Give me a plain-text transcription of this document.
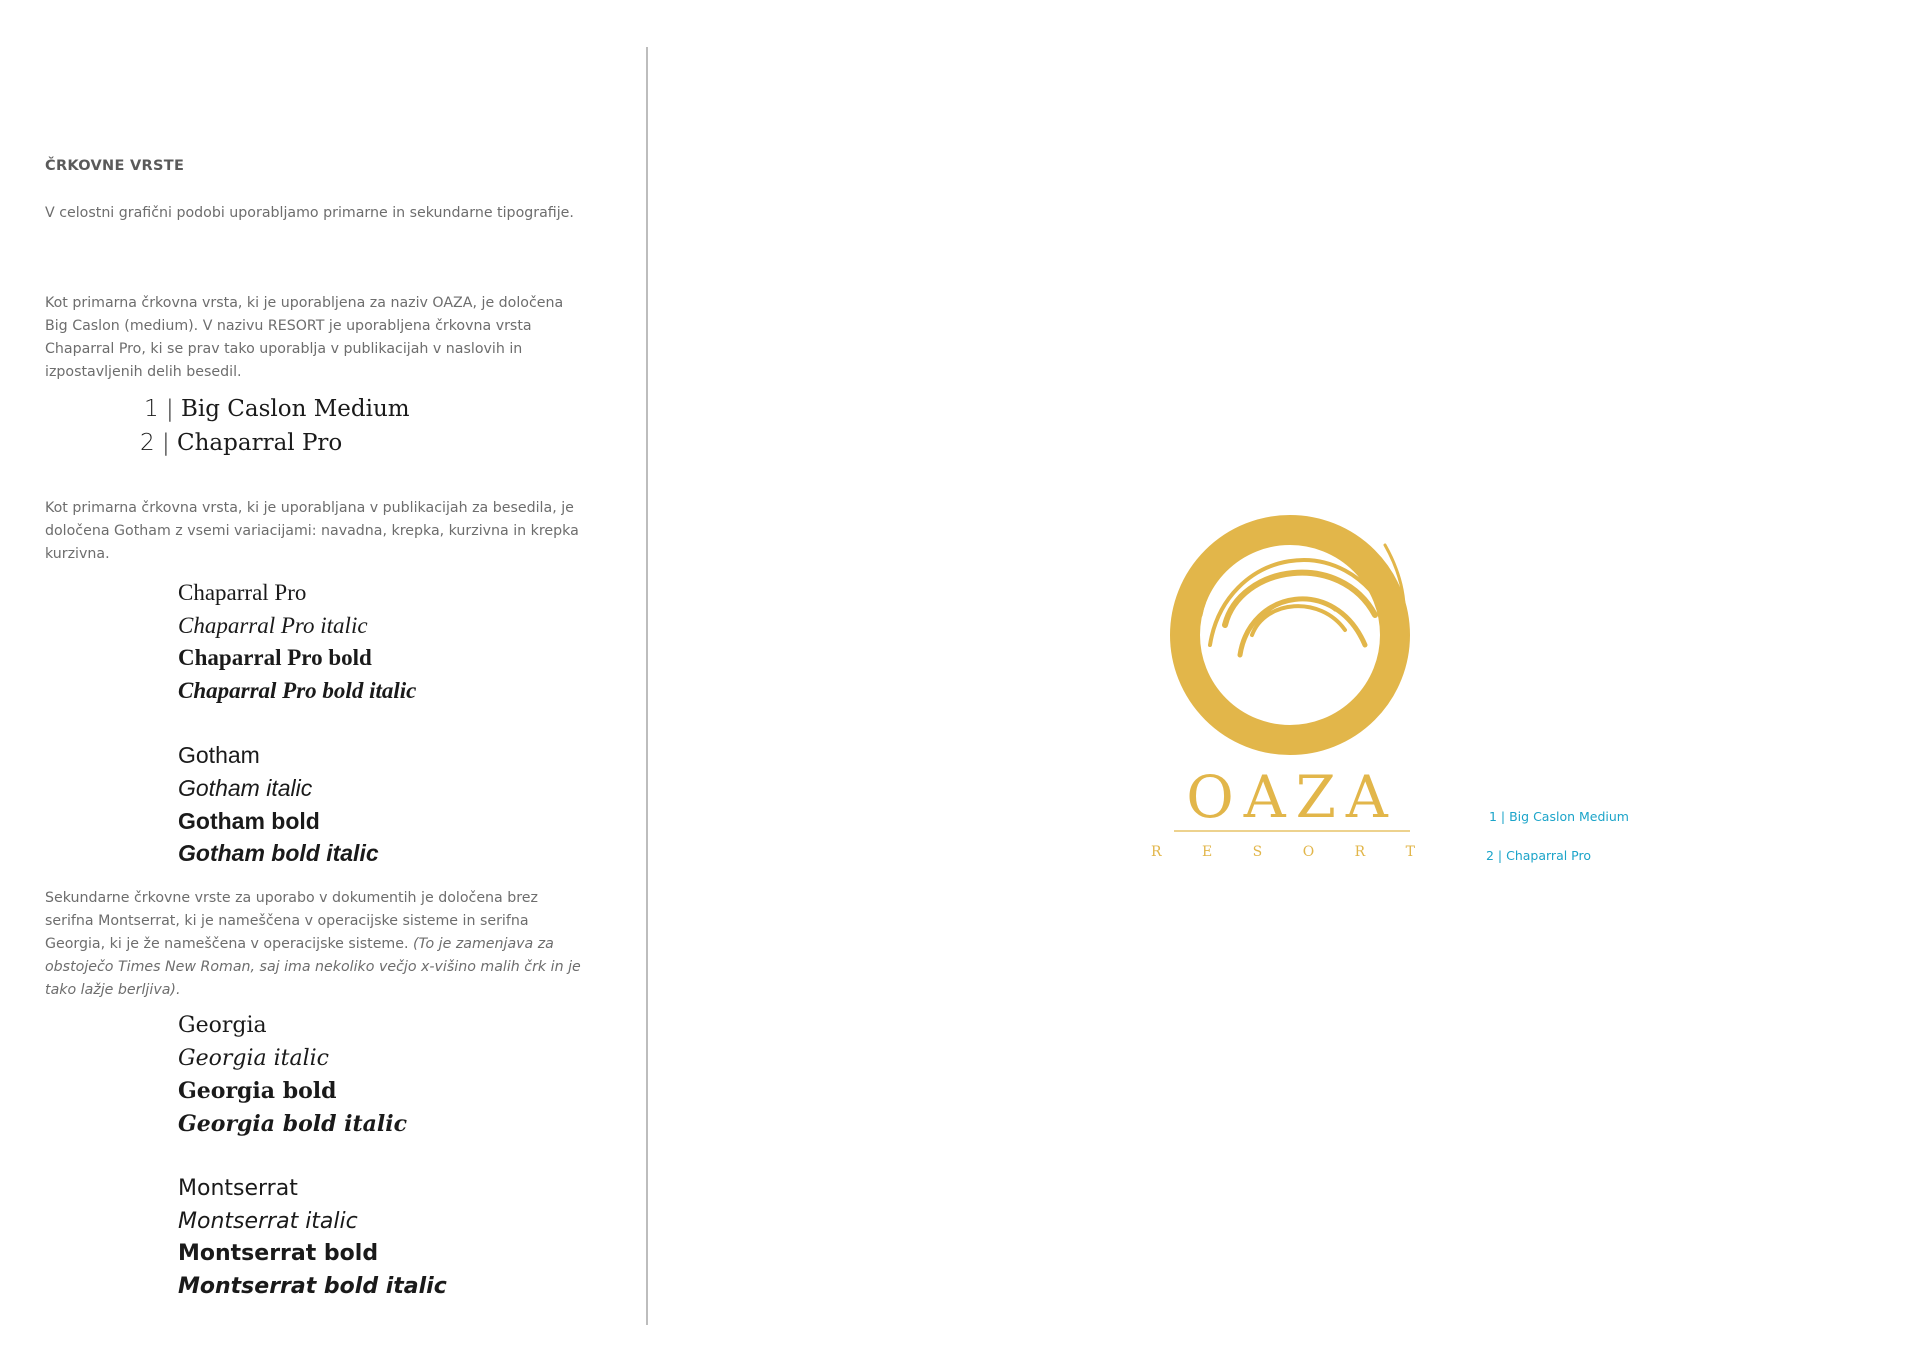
ČRKOVNE VRSTE
V celostni grafični podobi uporabljamo primarne in sekundarne tipografije.
Kot primarna črkovna vrsta, ki je uporabljena za naziv OAZA, je določena Big Caslon (medium). V nazivu RESORT je uporabljena črkovna vrsta Chaparral Pro, ki se prav tako uporablja v publikacijah v naslovih in izpostavljenih delih besedil.
1 | Big Caslon Medium
2 | Chaparral Pro
Kot primarna črkovna vrsta, ki je uporabljana v publikacijah za besedila, je določena Gotham z vsemi variacijami: navadna, krepka, kurzivna in krepka kurzivna.
Chaparral Pro
Chaparral Pro italic
Chaparral Pro bold
Chaparral Pro bold italic
Gotham
Gotham italic
Gotham bold
Gotham bold italic
Sekundarne črkovne vrste za uporabo v dokumentih je določena brez serifna Montserrat, ki je nameščena v operacijske sisteme in serifna Georgia, ki je že nameščena v operacijske sisteme. (To je zamenjava za obstoječo Times New Roman, saj ima nekoliko večjo x-višino malih črk in je tako lažje berljiva).
Georgia
Georgia italic
Georgia bold
Georgia bold italic
Montserrat
Montserrat italic
Montserrat bold
Montserrat bold italic
OAZA
R E S O R T
1 | Big Caslon Medium
2 | Chaparral Pro
